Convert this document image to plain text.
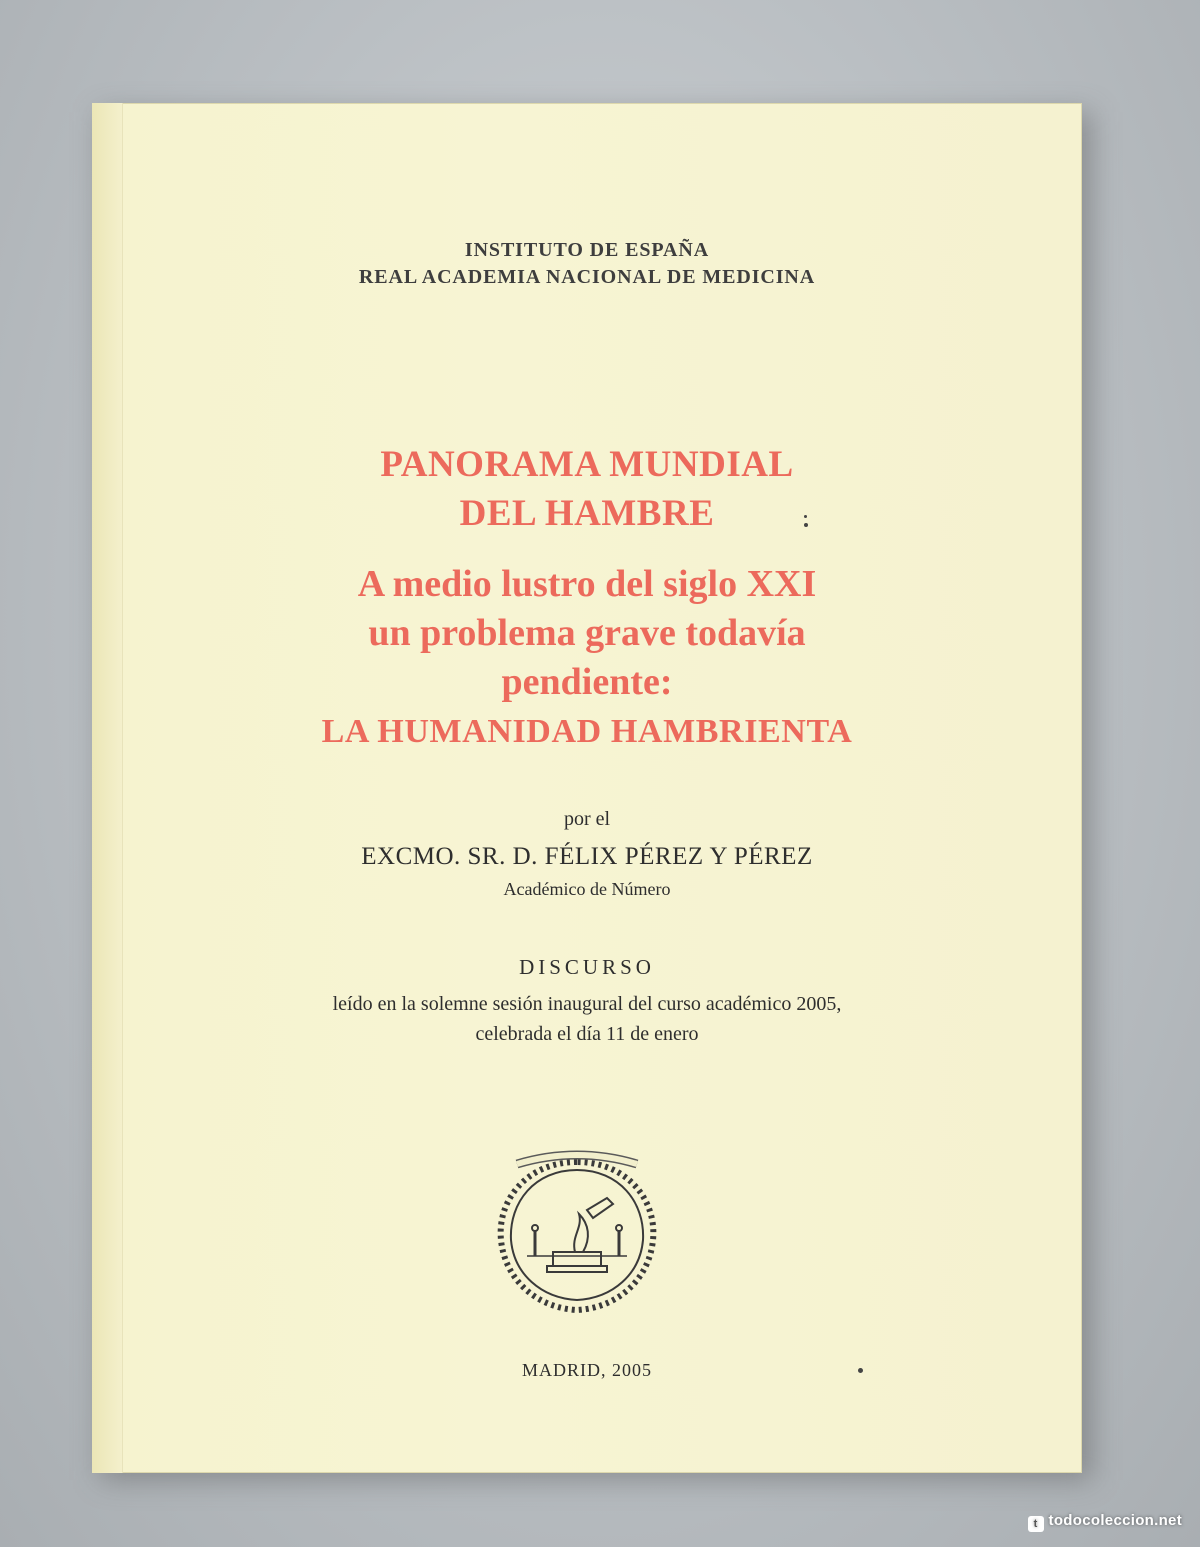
INSTITUTO DE ESPAÑA
REAL ACADEMIA NACIONAL DE MEDICINA
PANORAMA MUNDIAL
DEL HAMBRE
A medio lustro del siglo XXI
un problema grave todavía
pendiente:
LA HUMANIDAD HAMBRIENTA
por el
EXCMO. SR. D. FÉLIX PÉREZ Y PÉREZ
Académico de Número
DISCURSO
leído en la solemne sesión inaugural del curso académico 2005,
celebrada el día 11 de enero
MADRID, 2005
t todocoleccion.net
